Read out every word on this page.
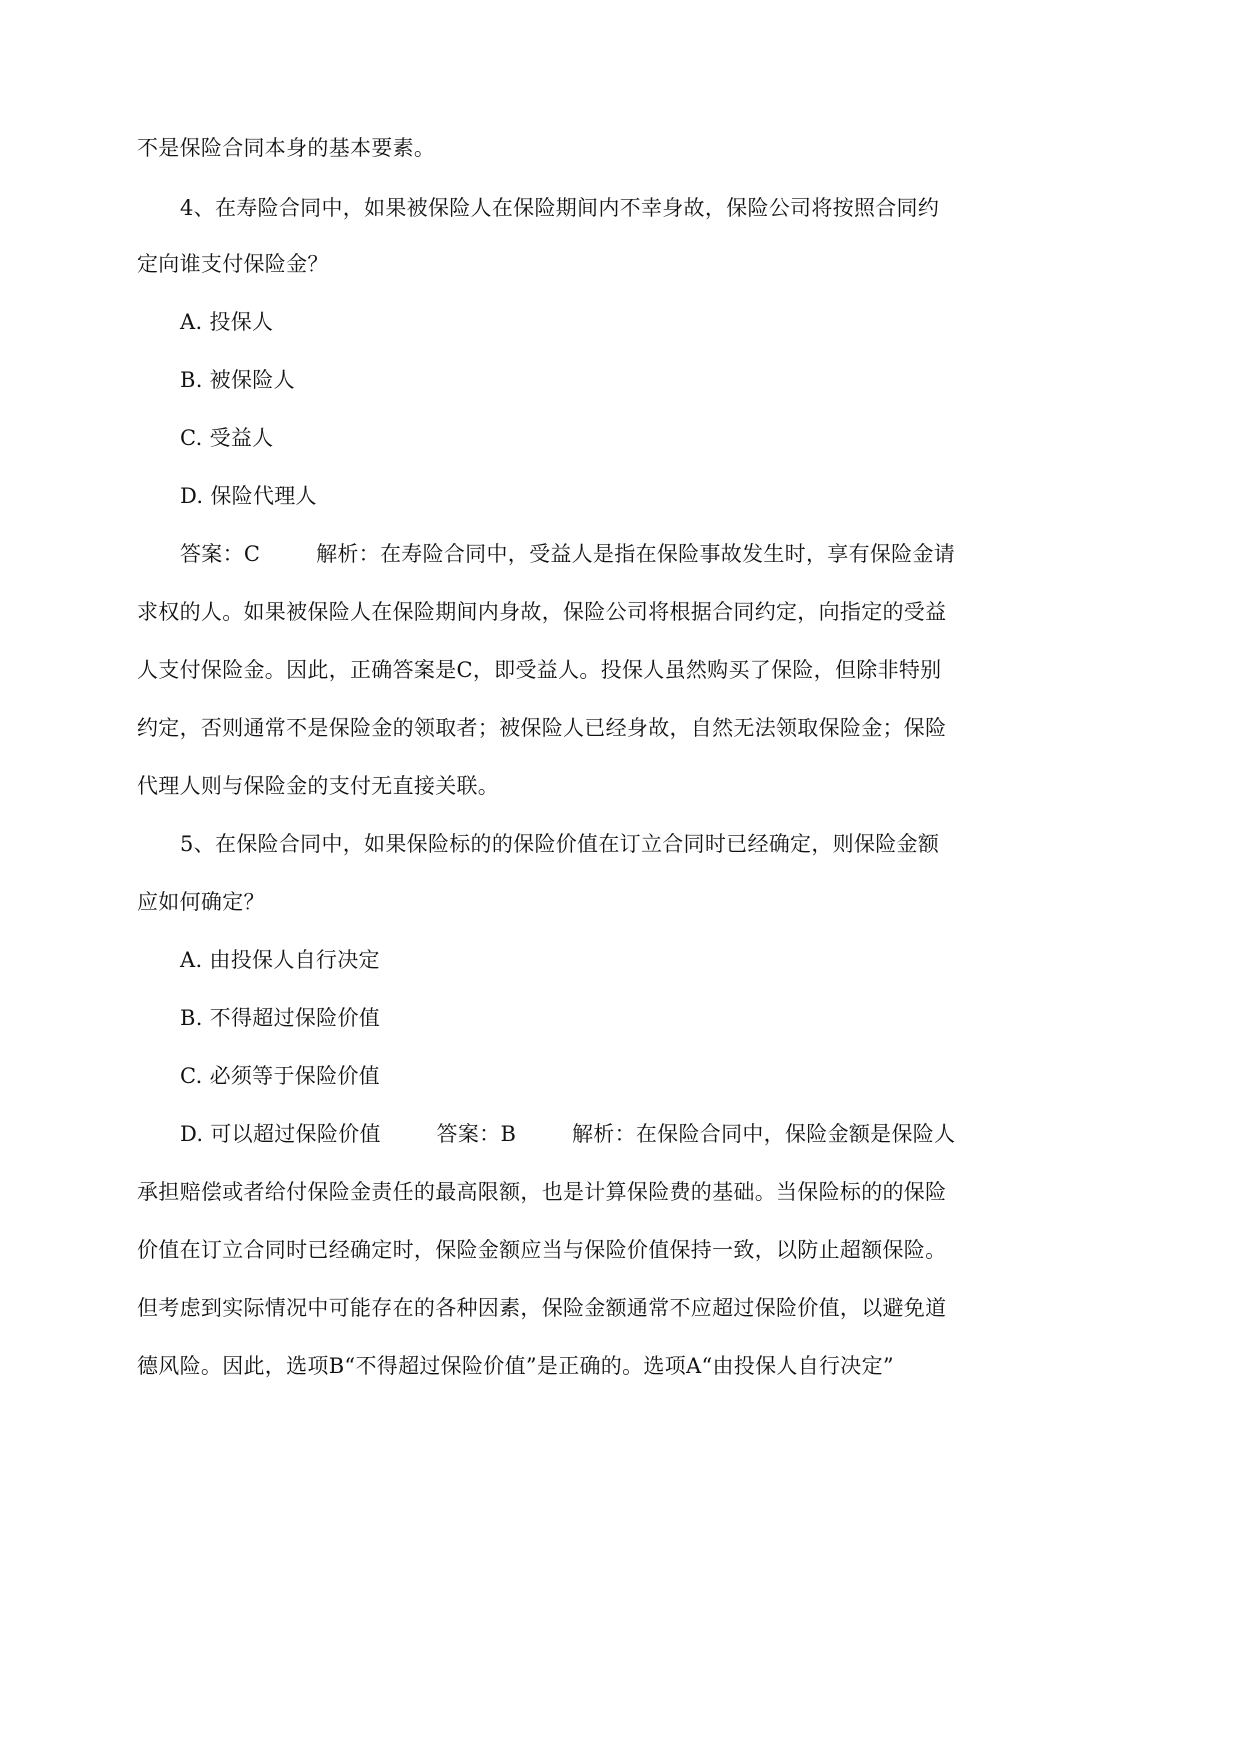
不是保险合同本身的基本要素。
4、在寿险合同中，如果被保险人在保险期间内不幸身故，保险公司将按照合同约
定向谁支付保险金？
A. 投保人
B. 被保险人
C. 受益人
D. 保险代理人
答案：C        解析：在寿险合同中，受益人是指在保险事故发生时，享有保险金请
求权的人。如果被保险人在保险期间内身故，保险公司将根据合同约定，向指定的受益
人支付保险金。因此，正确答案是C，即受益人。投保人虽然购买了保险，但除非特别
约定，否则通常不是保险金的领取者；被保险人已经身故，自然无法领取保险金；保险
代理人则与保险金的支付无直接关联。
5、在保险合同中，如果保险标的的保险价值在订立合同时已经确定，则保险金额
应如何确定？
A. 由投保人自行决定
B. 不得超过保险价值
C. 必须等于保险价值
D. 可以超过保险价值        答案：B        解析：在保险合同中，保险金额是保险人
承担赔偿或者给付保险金责任的最高限额，也是计算保险费的基础。当保险标的的保险
价值在订立合同时已经确定时，保险金额应当与保险价值保持一致，以防止超额保险。
但考虑到实际情况中可能存在的各种因素，保险金额通常不应超过保险价值，以避免道
德风险。因此，选项B“不得超过保险价值”是正确的。选项A“由投保人自行决定”
